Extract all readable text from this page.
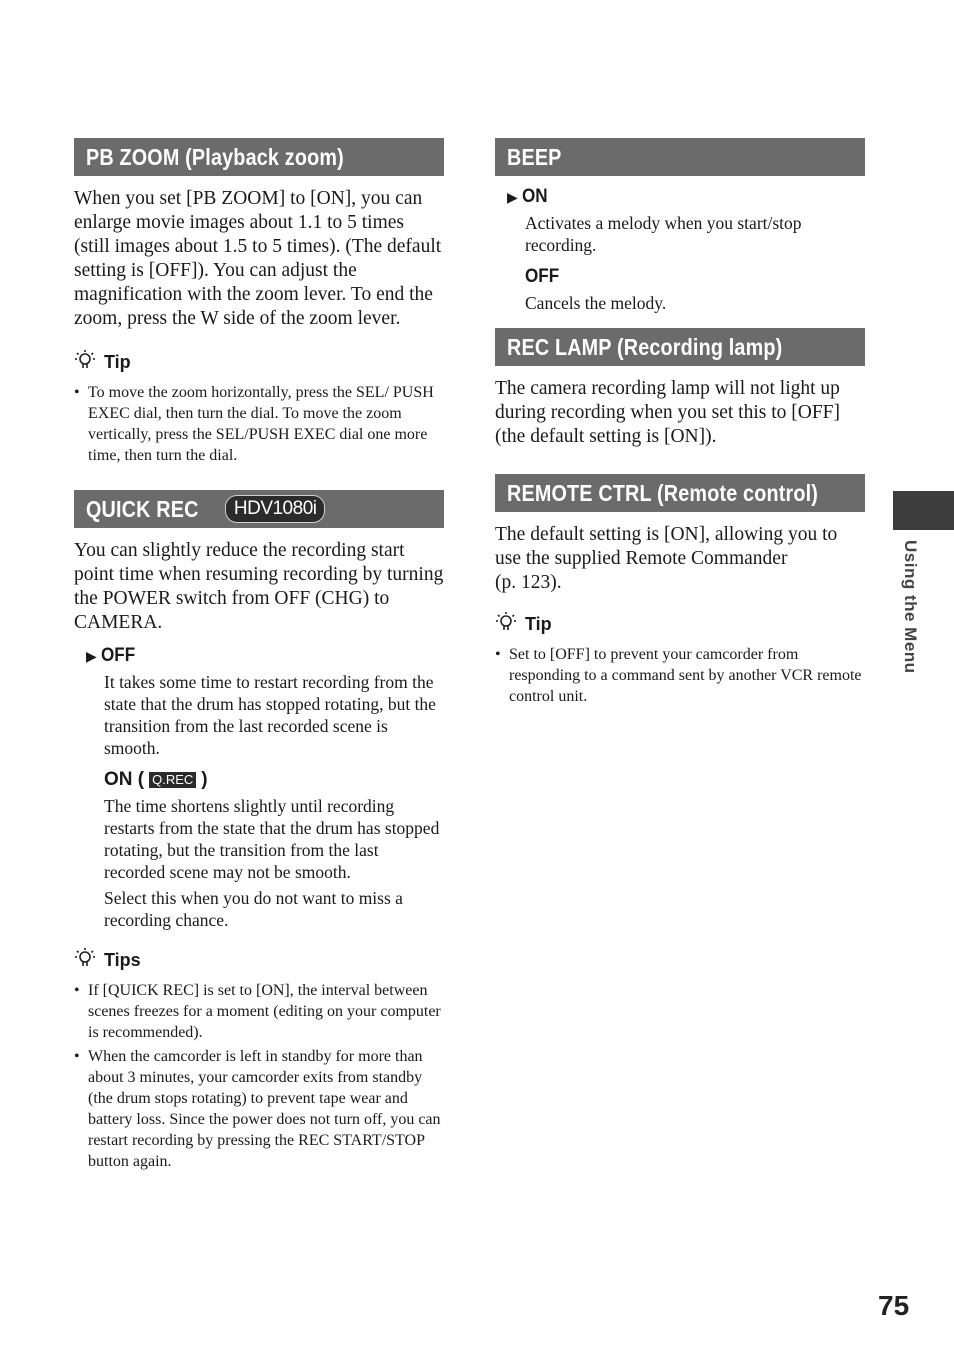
PB ZOOM (Playback zoom)

When you set [PB ZOOM] to [ON], you can enlarge movie images about 1.1 to 5 times (still images about 1.5 to 5 times). (The default setting is [OFF]). You can adjust the magnification with the zoom lever. To end the zoom, press the W side of the zoom lever.

Tip
• To move the zoom horizontally, press the SEL/ PUSH EXEC dial, then turn the dial. To move the zoom vertically, press the SEL/PUSH EXEC dial one more time, then turn the dial.
QUICK REC	HDV1080i

You can slightly reduce the recording start point time when resuming recording by turning the POWER switch from OFF (CHG) to CAMERA.

▶ OFF

It takes some time to restart recording from the state that the drum has stopped rotating, but the transition from the last recorded scene is smooth.

ON ( Q.REC )

The time shortens slightly until recording restarts from the state that the drum has stopped rotating, but the transition from the last recorded scene may not be smooth.

Select this when you do not want to miss a recording chance.

Tips
• If [QUICK REC] is set to [ON], the interval between scenes freezes for a moment (editing on your computer is recommended).
• When the camcorder is left in standby for more than about 3 minutes, your camcorder exits from standby (the drum stops rotating) to prevent tape wear and battery loss. Since the power does not turn off, you can restart recording by pressing the REC START/STOP button again.
BEEP
▶ ON

Activates a melody when you start/stop recording.

OFF

Cancels the melody.

REC LAMP (Recording lamp)

The camera recording lamp will not light up during recording when you set this to [OFF] (the default setting is [ON]).

REMOTE CTRL (Remote control)

The default setting is [ON], allowing you to use the supplied Remote Commander

(p. 123).

Tip
• Set to [OFF] to prevent your camcorder from responding to a command sent by another VCR remote control unit.
Using the Menu
75
